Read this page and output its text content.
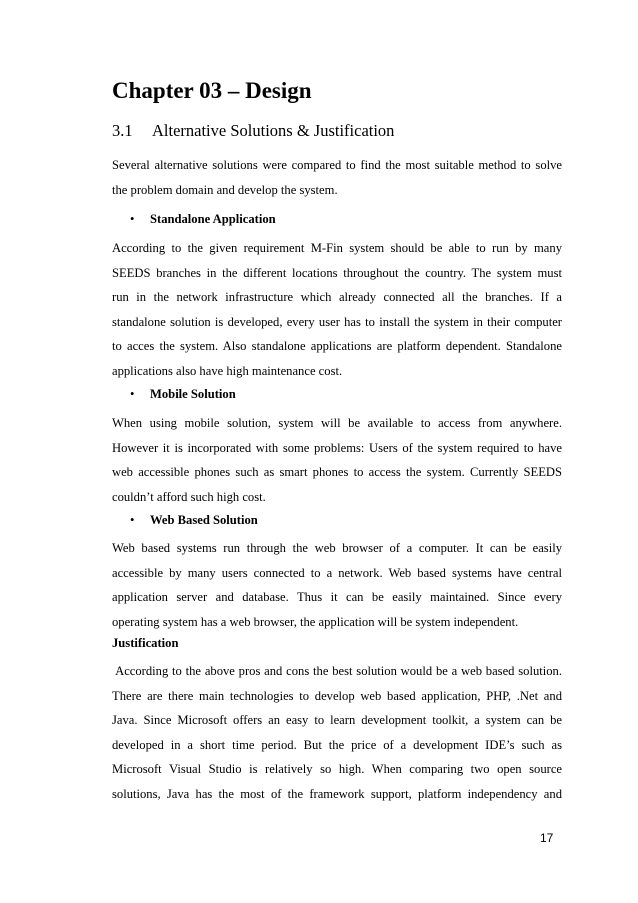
Chapter 03 – Design
3.1 Alternative Solutions & Justification
Several alternative solutions were compared to find the most suitable method to solve
the problem domain and develop the system.
• Standalone Application
According to the given requirement M-Fin system should be able to run by many
SEEDS branches in the different locations throughout the country. The system must
run in the network infrastructure which already connected all the branches. If a
standalone solution is developed, every user has to install the system in their computer
to acces the system. Also standalone applications are platform dependent. Standalone
applications also have high maintenance cost.
• Mobile Solution
When using mobile solution, system will be available to access from anywhere.
However it is incorporated with some problems: Users of the system required to have
web accessible phones such as smart phones to access the system. Currently SEEDS
couldn’t afford such high cost.
• Web Based Solution
Web based systems run through the web browser of a computer. It can be easily
accessible by many users connected to a network. Web based systems have central
application server and database. Thus it can be easily maintained. Since every
operating system has a web browser, the application will be system independent.
Justification
According to the above pros and cons the best solution would be a web based solution.
There are there main technologies to develop web based application, PHP, .Net and
Java. Since Microsoft offers an easy to learn development toolkit, a system can be
developed in a short time period. But the price of a development IDE’s such as
Microsoft Visual Studio is relatively so high. When comparing two open source
solutions, Java has the most of the framework support, platform independency and
17
